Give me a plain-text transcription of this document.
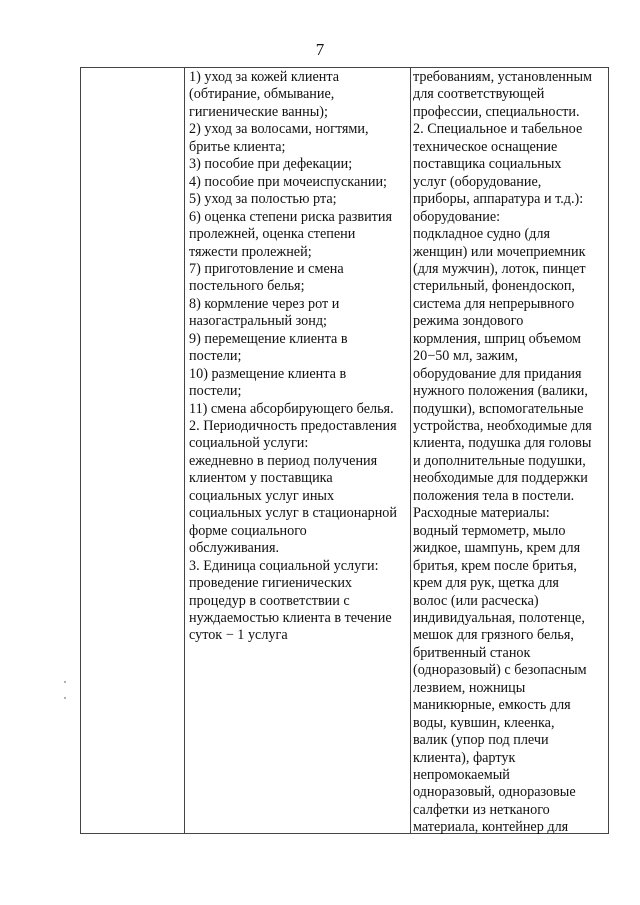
7
1) уход за кожей клиента
(обтирание, обмывание,
гигиенические ванны);
2) уход за волосами, ногтями,
бритье клиента;
3) пособие при дефекации;
4) пособие при мочеиспускании;
5) уход за полостью рта;
6) оценка степени риска развития
пролежней, оценка степени
тяжести пролежней;
7) приготовление и смена
постельного белья;
8) кормление через рот и
назогастральный зонд;
9) перемещение клиента в
постели;
10) размещение клиента в
постели;
11) смена абсорбирующего белья.
2. Периодичность предоставления
социальной услуги:
ежедневно в период получения
клиентом у поставщика
социальных услуг иных
социальных услуг в стационарной
форме социального
обслуживания.
3. Единица социальной услуги:
проведение гигиенических
процедур в соответствии с
нуждаемостью клиента в течение
суток − 1 услуга
требованиям, установленным
для соответствующей
профессии, специальности.
2. Специальное и табельное
техническое оснащение
поставщика социальных
услуг (оборудование,
приборы, аппаратура и т.д.):
оборудование:
подкладное судно (для
женщин) или мочеприемник
(для мужчин), лоток, пинцет
стерильный, фонендоскоп,
система для непрерывного
режима зондового
кормления, шприц объемом
20−50 мл, зажим,
оборудование для придания
нужного положения (валики,
подушки), вспомогательные
устройства, необходимые для
клиента, подушка для головы
и дополнительные подушки,
необходимые для поддержки
положения тела в постели.
Расходные материалы:
водный термометр, мыло
жидкое, шампунь, крем для
бритья, крем после бритья,
крем для рук, щетка для
волос (или расческа)
индивидуальная, полотенце,
мешок для грязного белья,
бритвенный станок
(одноразовый) с безопасным
лезвием, ножницы
маникюрные, емкость для
воды, кувшин, клеенка,
валик (упор под плечи
клиента), фартук
непромокаемый
одноразовый, одноразовые
салфетки из нетканого
материала, контейнер для
